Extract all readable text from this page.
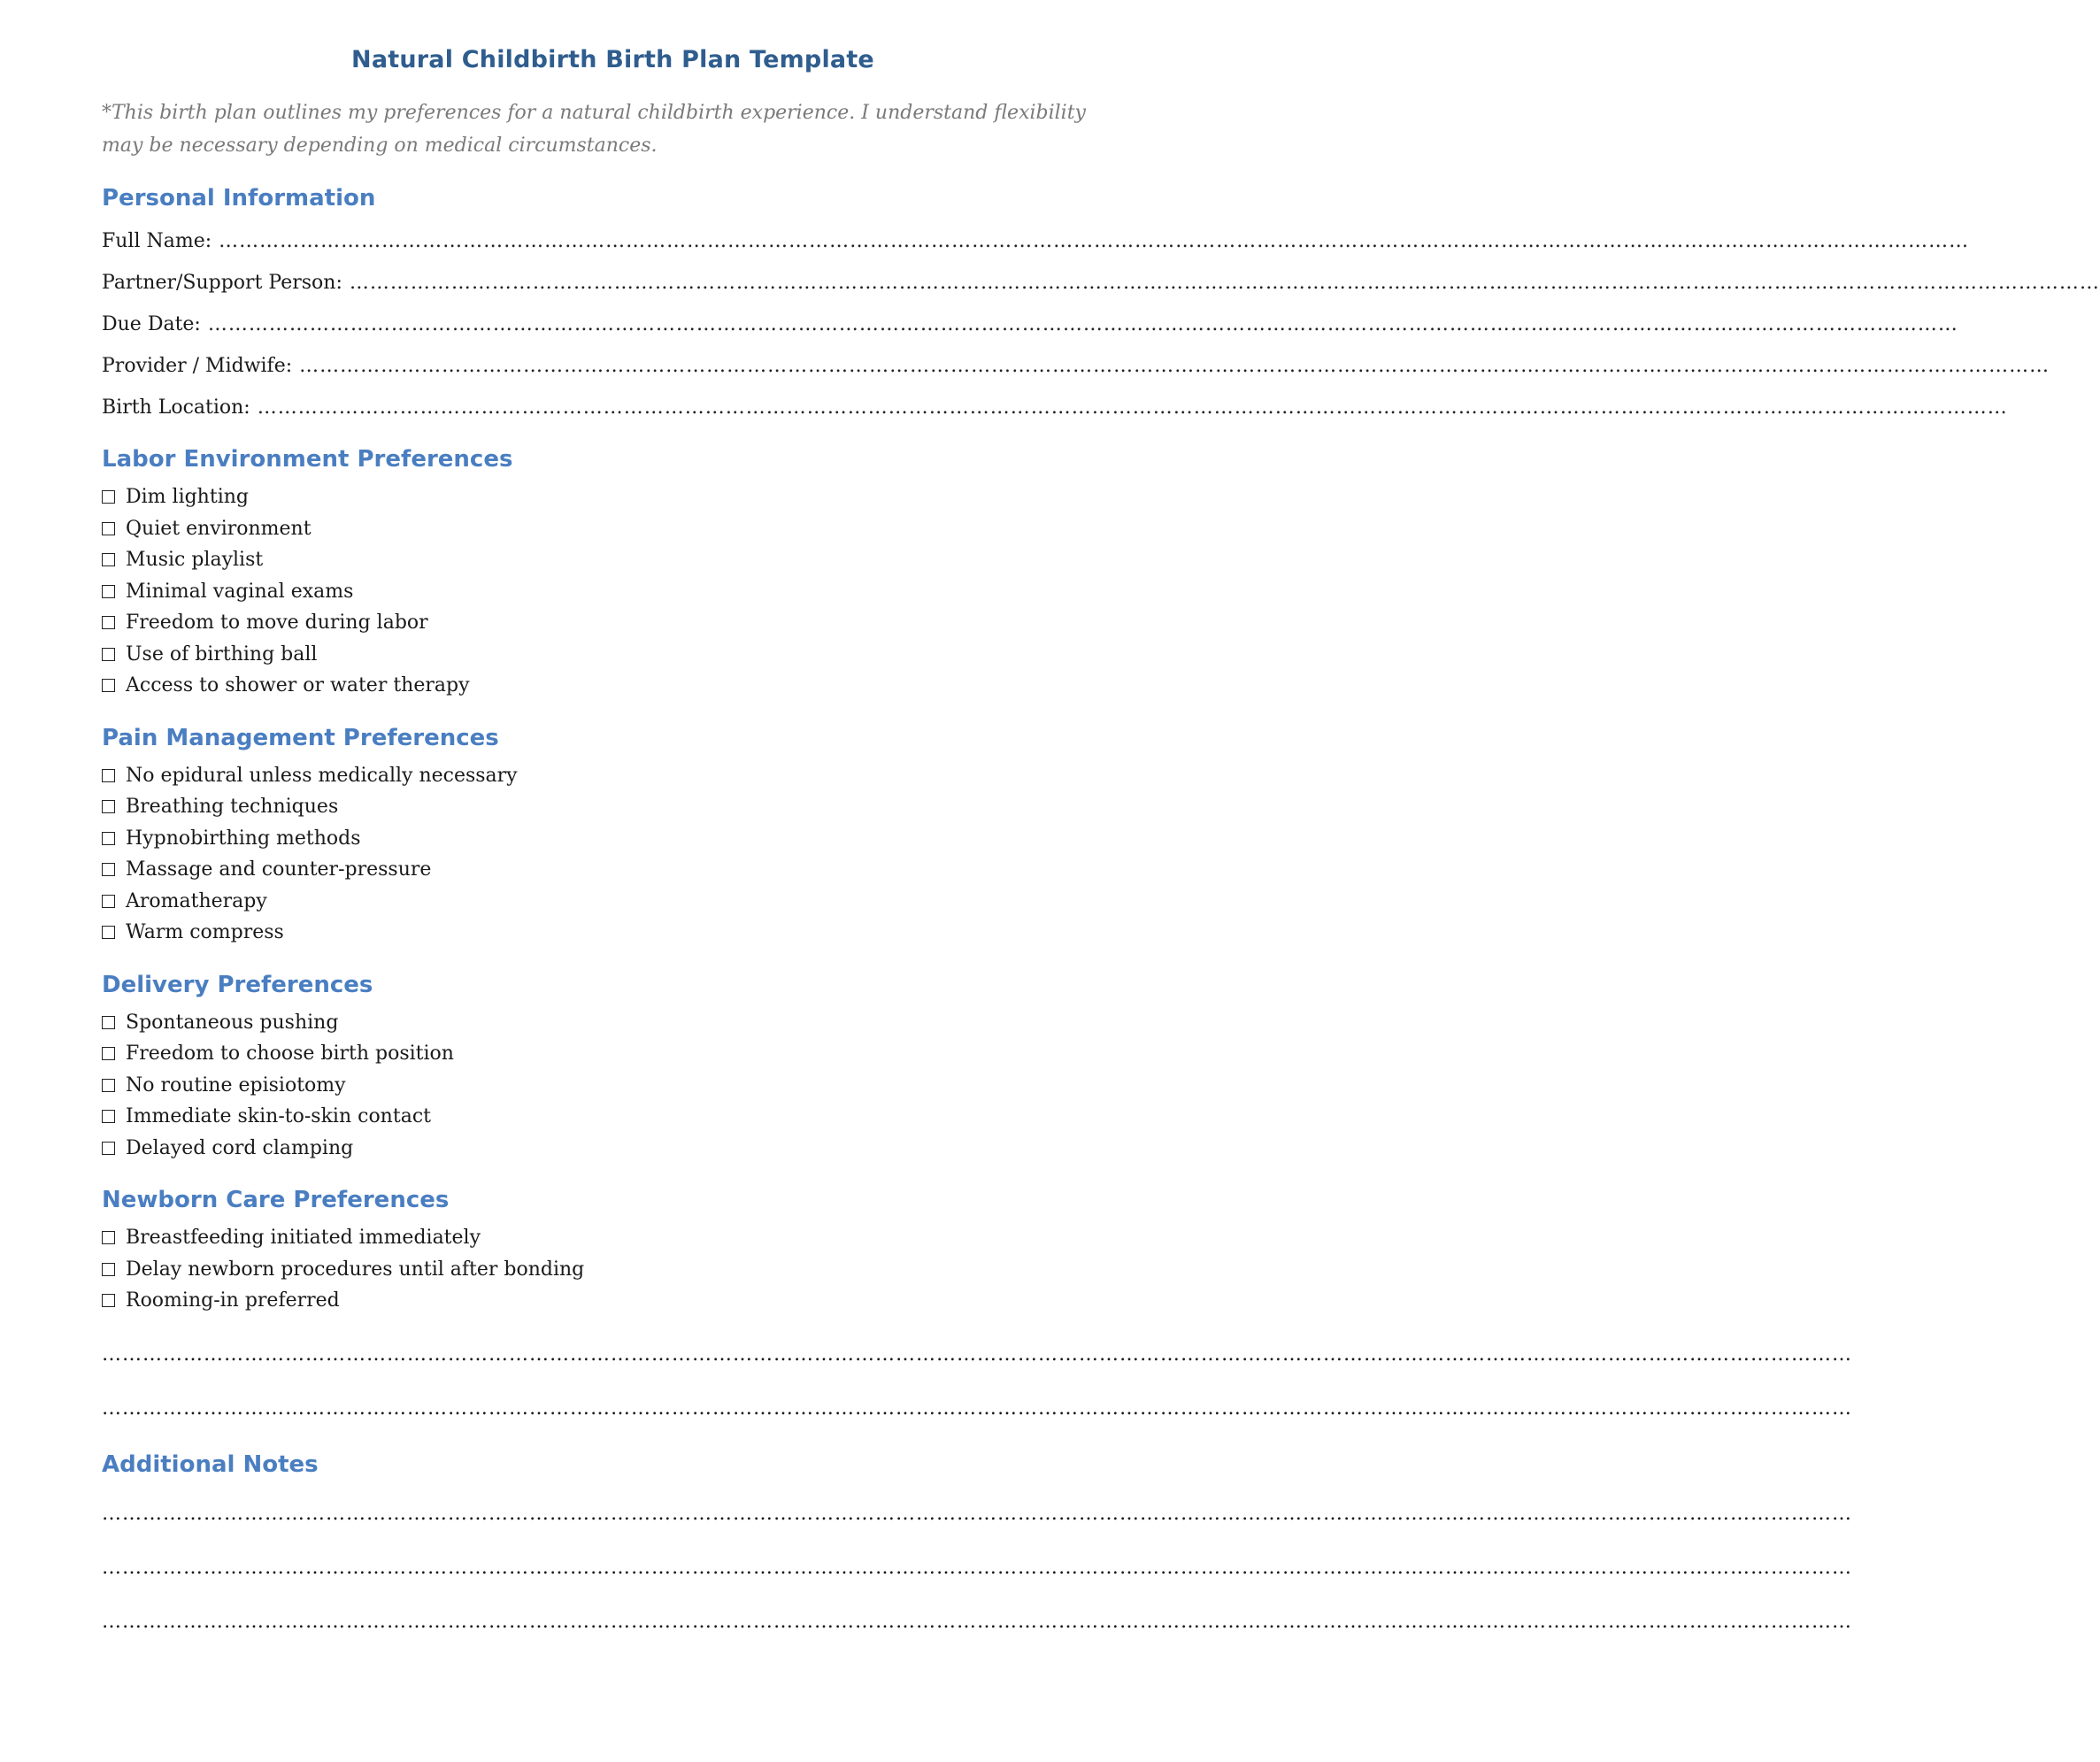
Natural Childbirth Birth Plan Template

*This birth plan outlines my preferences for a natural childbirth experience. I understand flexibility may be necessary depending on medical circumstances.

Personal Information
Full Name: ……………………………………………………………………………………………………………………………………………………………………………………………………………………………………
Partner/Support Person: ……………………………………………………………………………………………………………………………………………………………………………………………………………………………………
Due Date: ……………………………………………………………………………………………………………………………………………………………………………………………………………………………………
Provider / Midwife: ……………………………………………………………………………………………………………………………………………………………………………………………………………………………………
Birth Location: ……………………………………………………………………………………………………………………………………………………………………………………………………………………………………
Labor Environment Preferences
Dim lighting
Quiet environment
Music playlist
Minimal vaginal exams
Freedom to move during labor
Use of birthing ball
Access to shower or water therapy
Pain Management Preferences
No epidural unless medically necessary
Breathing techniques
Hypnobirthing methods
Massage and counter-pressure
Aromatherapy
Warm compress
Delivery Preferences
Spontaneous pushing
Freedom to choose birth position
No routine episiotomy
Immediate skin-to-skin contact
Delayed cord clamping
Newborn Care Preferences
Breastfeeding initiated immediately
Delay newborn procedures until after bonding
Rooming-in preferred
……………………………………………………………………………………………………………………………………………………………………………………………………………………………………
……………………………………………………………………………………………………………………………………………………………………………………………………………………………………
Additional Notes
……………………………………………………………………………………………………………………………………………………………………………………………………………………………………
……………………………………………………………………………………………………………………………………………………………………………………………………………………………………
……………………………………………………………………………………………………………………………………………………………………………………………………………………………………
